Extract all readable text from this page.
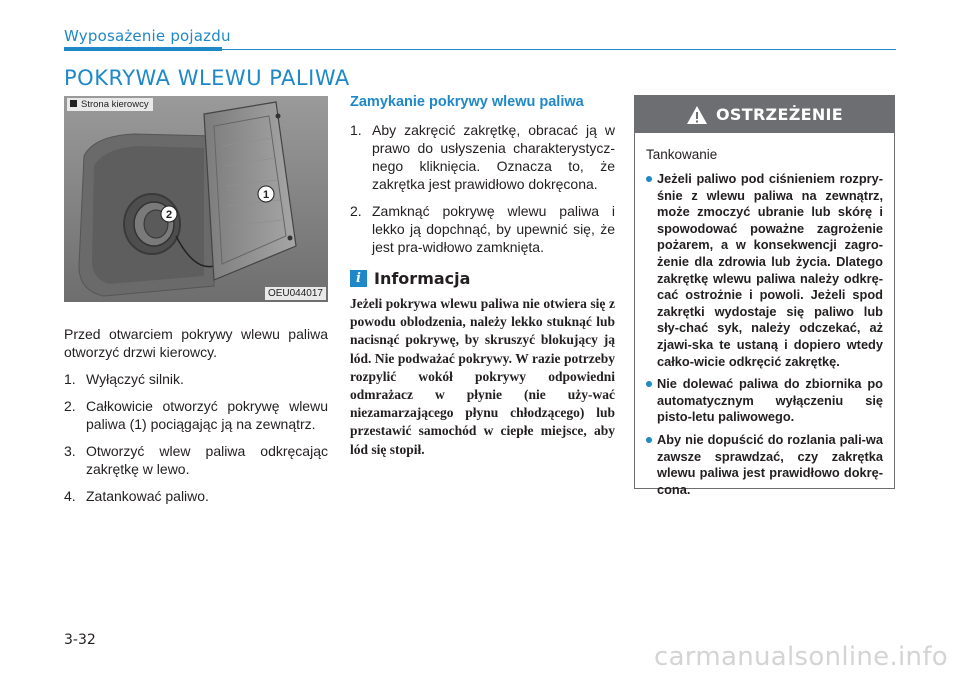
Wyposażenie pojazdu
POKRYWA WLEWU PALIWA
1
2
Strona kierowcy
OEU044017

Przed otwarciem pokrywy wlewu paliwa otworzyć drzwi kierowcy.

1. Wyłączyć silnik.
2. Całkowicie otworzyć pokrywę wlewu paliwa (1) pociągając ją na zewnątrz.
3. Otworzyć wlew paliwa odkręcając zakrętkę w lewo.
4. Zatankować paliwo.
Zamykanie pokrywy wlewu paliwa
1. Aby zakręcić zakrętkę, obracać ją w prawo do usłyszenia charakterystycz-nego kliknięcia. Oznacza to, że zakrętka jest prawidłowo dokręcona.
2. Zamknąć pokrywę wlewu paliwa i lekko ją dopchnąć, by upewnić się, że jest pra-widłowo zamknięta.
i Informacja

Jeżeli pokrywa wlewu paliwa nie otwiera się z powodu oblodzenia, należy lekko stuknąć lub nacisnąć pokrywę, by skruszyć blokujący ją lód. Nie podważać pokrywy. W razie potrzeby rozpylić wokół pokrywy odpowiedni odmrażacz w płynie (nie uży-wać niezamarzającego płynu chłodzącego) lub przestawić samochód w ciepłe miejsce, aby lód się stopił.

OSTRZEŻENIE

Tankowanie

Jeżeli paliwo pod ciśnieniem rozpry-śnie z wlewu paliwa na zewnątrz, może zmoczyć ubranie lub skórę i spowodować poważne zagrożenie pożarem, a w konsekwencji zagro-żenie dla zdrowia lub życia. Dlatego zakrętkę wlewu paliwa należy odkrę-cać ostrożnie i powoli. Jeżeli spod zakrętki wydostaje się paliwo lub sły-chać syk, należy odczekać, aż zjawi-ska te ustaną i dopiero wtedy całko-wicie odkręcić zakrętkę.
Nie dolewać paliwa do zbiornika po automatycznym wyłączeniu się pisto-letu paliwowego.
Aby nie dopuścić do rozlania pali-wa zawsze sprawdzać, czy zakrętka wlewu paliwa jest prawidłowo dokrę-cona.
3-32
carmanualsonline.info
